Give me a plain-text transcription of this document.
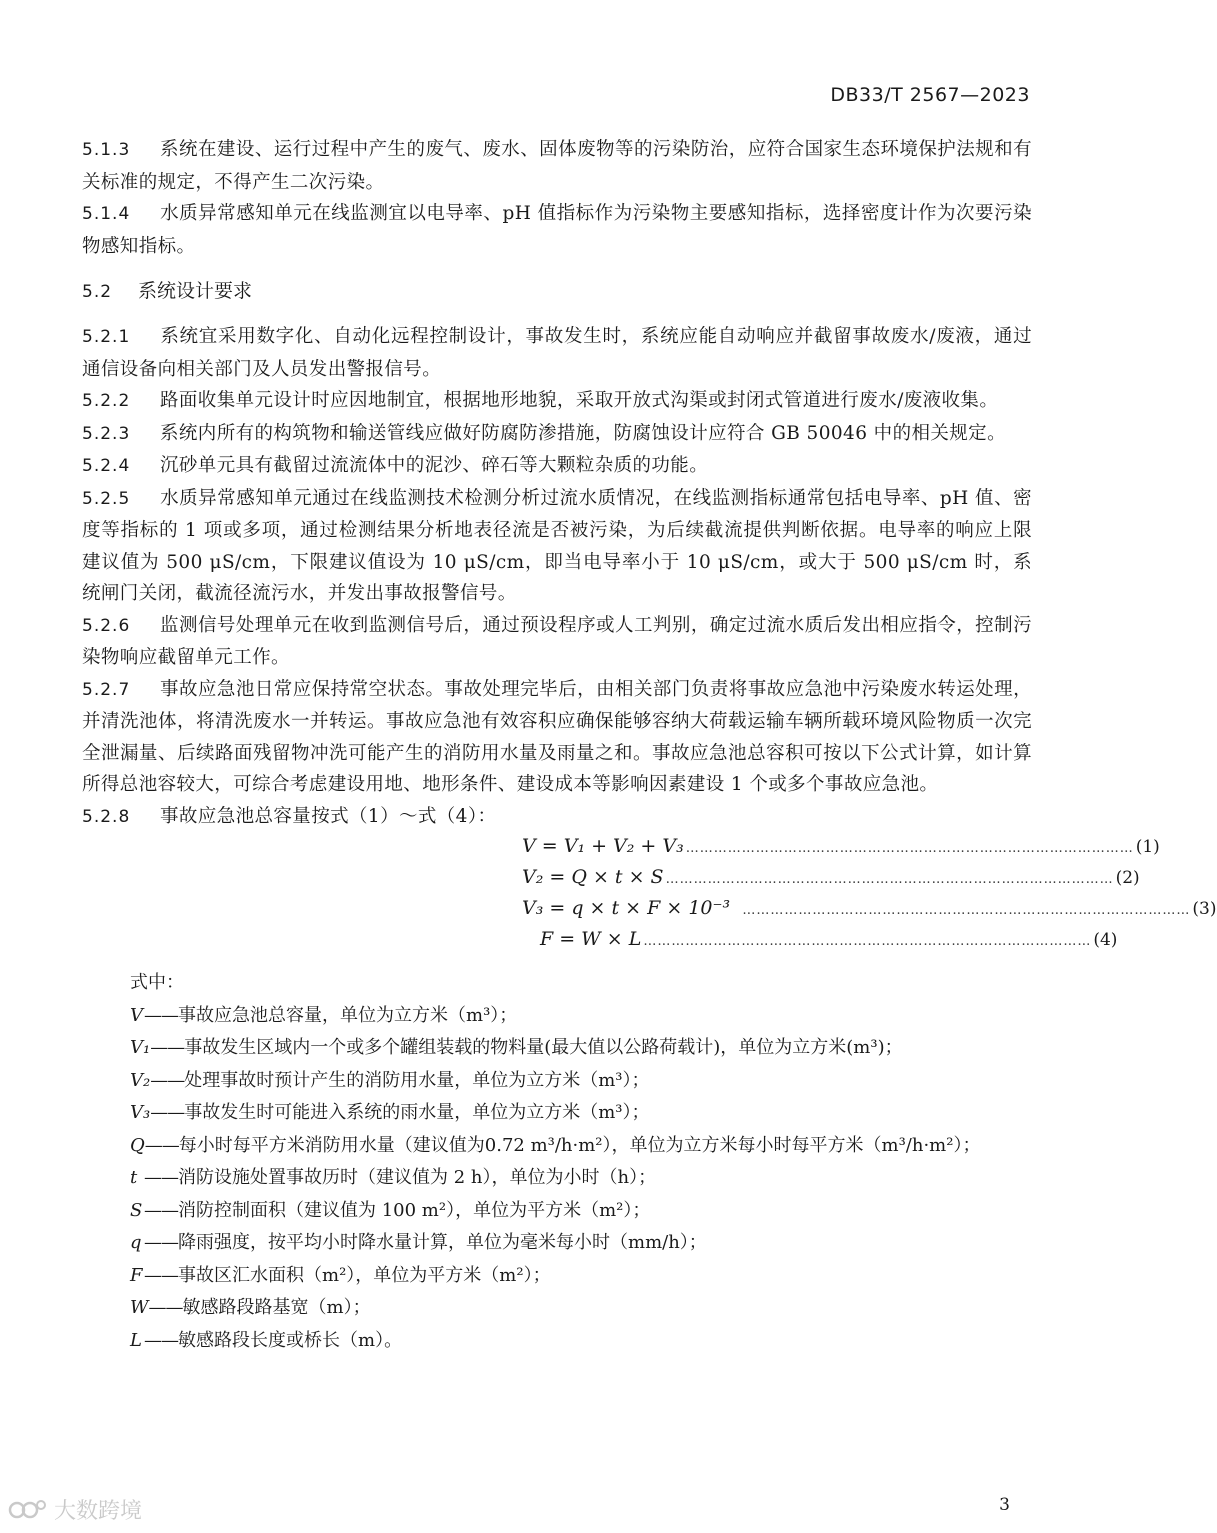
DB33/T 2567—2023

5.1.3 系统在建设、运行过程中产生的废气、废水、固体废物等的污染防治，应符合国家生态环境保护法规和有关标准的规定，不得产生二次污染。

5.1.4 水质异常感知单元在线监测宜以电导率、pH 值指标作为污染物主要感知指标，选择密度计作为次要污染物感知指标。

5.2 系统设计要求

5.2.1 系统宜采用数字化、自动化远程控制设计，事故发生时，系统应能自动响应并截留事故废水/废液，通过通信设备向相关部门及人员发出警报信号。

5.2.2 路面收集单元设计时应因地制宜，根据地形地貌，采取开放式沟渠或封闭式管道进行废水/废液收集。

5.2.3 系统内所有的构筑物和输送管线应做好防腐防渗措施，防腐蚀设计应符合 GB 50046 中的相关规定。

5.2.4 沉砂单元具有截留过流流体中的泥沙、碎石等大颗粒杂质的功能。

5.2.5 水质异常感知单元通过在线监测技术检测分析过流水质情况，在线监测指标通常包括电导率、pH 值、密度等指标的 1 项或多项，通过检测结果分析地表径流是否被污染，为后续截流提供判断依据。电导率的响应上限建议值为 500 μS/cm，下限建议值设为 10 μS/cm，即当电导率小于 10 μS/cm，或大于 500 μS/cm 时，系统闸门关闭，截流径流污水，并发出事故报警信号。

5.2.6 监测信号处理单元在收到监测信号后，通过预设程序或人工判别，确定过流水质后发出相应指令，控制污染物响应截留单元工作。

5.2.7 事故应急池日常应保持常空状态。事故处理完毕后，由相关部门负责将事故应急池中污染废水转运处理，并清洗池体，将清洗废水一并转运。事故应急池有效容积应确保能够容纳大荷载运输车辆所载环境风险物质一次完全泄漏量、后续路面残留物冲洗可能产生的消防用水量及雨量之和。事故应急池总容积可按以下公式计算，如计算所得总池容较大，可综合考虑建设用地、地形条件、建设成本等影响因素建设 1 个或多个事故应急池。

5.2.8 事故应急池总容量按式（1）～式（4）：

V = V₁ + V₂ + V₃ …………………………………………………………………………………… (1)
V₂ = Q × t × S …………………………………………………………………………………… (2)
V₃ = q × t × F × 10⁻³ …………………………………………………………………………………… (3)
F = W × L …………………………………………………………………………………… (4)
式中：

V——事故应急池总容量，单位为立方米（m³）；

V₁——事故发生区域内一个或多个罐组装载的物料量(最大值以公路荷载计)，单位为立方米(m³)；

V₂——处理事故时预计产生的消防用水量，单位为立方米（m³）；

V₃——事故发生时可能进入系统的雨水量，单位为立方米（m³）；

Q——每小时每平方米消防用水量（建议值为0.72 m³/h·m²），单位为立方米每小时每平方米（m³/h·m²）；

t ——消防设施处置事故历时（建议值为 2 h），单位为小时（h）；

S——消防控制面积（建议值为 100 m²），单位为平方米（m²）；

q ——降雨强度，按平均小时降水量计算，单位为毫米每小时（mm/h）；

F——事故区汇水面积（m²），单位为平方米（m²）；

W——敏感路段路基宽（m）；

L ——敏感路段长度或桥长（m）。

大数跨境	3
